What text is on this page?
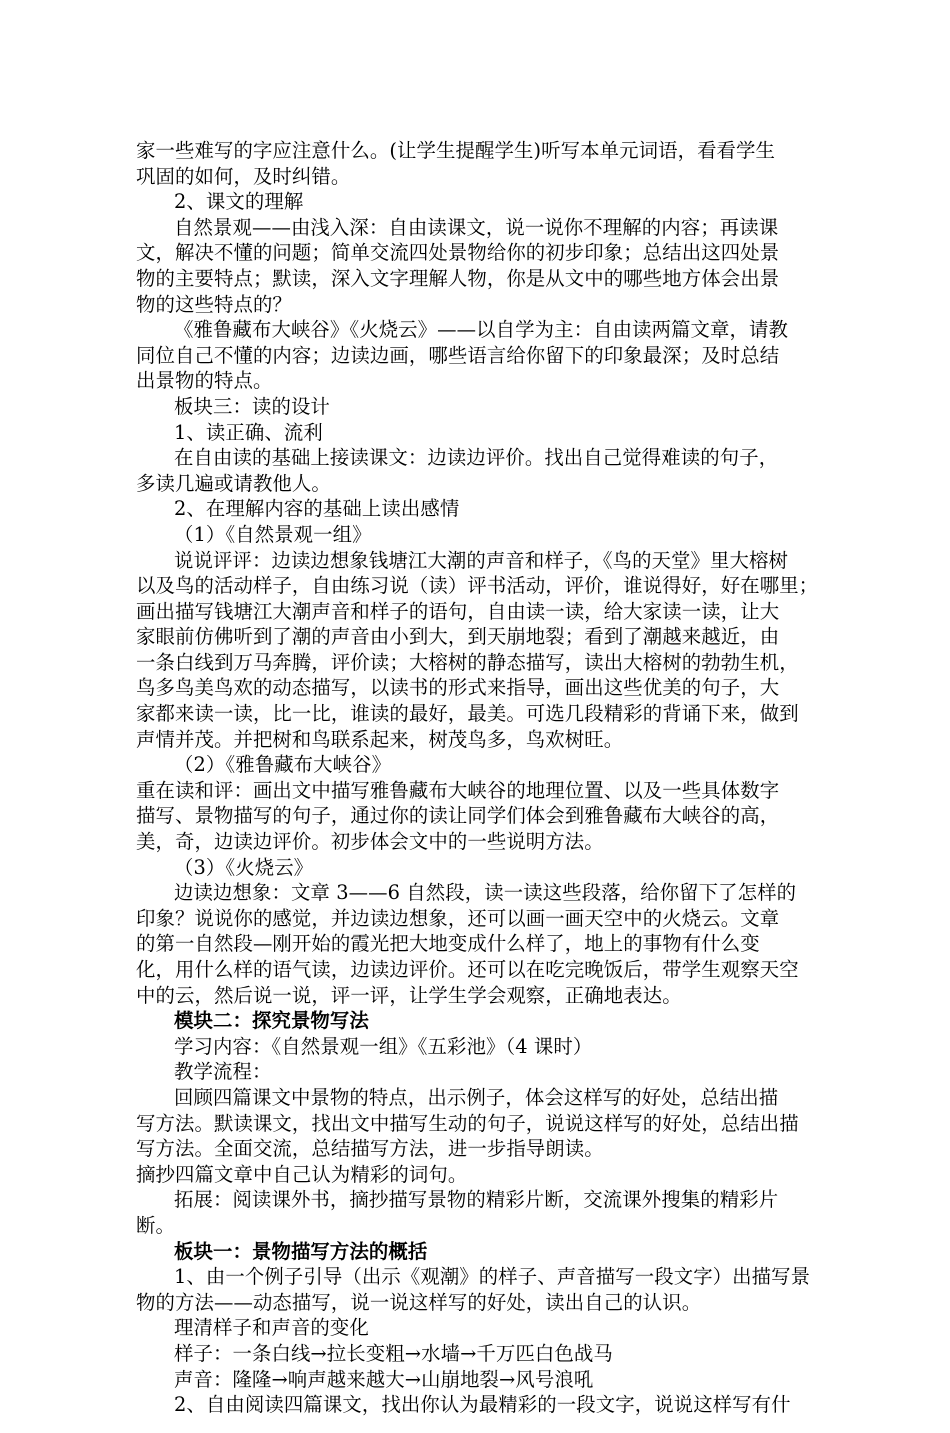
家一些难写的字应注意什么。(让学生提醒学生)听写本单元词语，看看学生
巩固的如何，及时纠错。
2、课文的理解
自然景观——由浅入深：自由读课文，说一说你不理解的内容；再读课
文，解决不懂的问题；简单交流四处景物给你的初步印象；总结出这四处景
物的主要特点；默读，深入文字理解人物，你是从文中的哪些地方体会出景
物的这些特点的？
《雅鲁藏布大峡谷》《火烧云》——以自学为主：自由读两篇文章，请教
同位自己不懂的内容；边读边画，哪些语言给你留下的印象最深；及时总结
出景物的特点。
板块三：读的设计
1、读正确、流利
在自由读的基础上接读课文：边读边评价。找出自己觉得难读的句子，
多读几遍或请教他人。
2、在理解内容的基础上读出感情
（1）《自然景观一组》
说说评评：边读边想象钱塘江大潮的声音和样子，《鸟的天堂》里大榕树
以及鸟的活动样子，自由练习说（读）评书活动，评价，谁说得好，好在哪里；
画出描写钱塘江大潮声音和样子的语句，自由读一读，给大家读一读，让大
家眼前仿佛听到了潮的声音由小到大，到天崩地裂；看到了潮越来越近，由
一条白线到万马奔腾，评价读；大榕树的静态描写，读出大榕树的勃勃生机，
鸟多鸟美鸟欢的动态描写，以读书的形式来指导，画出这些优美的句子，大
家都来读一读，比一比，谁读的最好，最美。可选几段精彩的背诵下来，做到
声情并茂。并把树和鸟联系起来，树茂鸟多，鸟欢树旺。
（2）《雅鲁藏布大峡谷》
重在读和评：画出文中描写雅鲁藏布大峡谷的地理位置、以及一些具体数字
描写、景物描写的句子，通过你的读让同学们体会到雅鲁藏布大峡谷的高，
美，奇，边读边评价。初步体会文中的一些说明方法。
（3）《火烧云》
边读边想象：文章 3——6 自然段，读一读这些段落，给你留下了怎样的
印象？说说你的感觉，并边读边想象，还可以画一画天空中的火烧云。文章
的第一自然段—刚开始的霞光把大地变成什么样了，地上的事物有什么变
化，用什么样的语气读，边读边评价。还可以在吃完晚饭后，带学生观察天空
中的云，然后说一说，评一评，让学生学会观察，正确地表达。
模块二：探究景物写法
学习内容：《自然景观一组》《五彩池》（4 课时）
教学流程：
回顾四篇课文中景物的特点，出示例子，体会这样写的好处，总结出描
写方法。默读课文，找出文中描写生动的句子，说说这样写的好处，总结出描
写方法。全面交流，总结描写方法，进一步指导朗读。
摘抄四篇文章中自己认为精彩的词句。
拓展：阅读课外书，摘抄描写景物的精彩片断，交流课外搜集的精彩片
断。
板块一：景物描写方法的概括
1、由一个例子引导（出示《观潮》的样子、声音描写一段文字）出描写景
物的方法——动态描写，说一说这样写的好处，读出自己的认识。
理清样子和声音的变化
样子：一条白线→拉长变粗→水墙→千万匹白色战马
声音：隆隆→响声越来越大→山崩地裂→风号浪吼
2、自由阅读四篇课文，找出你认为最精彩的一段文字，说说这样写有什
